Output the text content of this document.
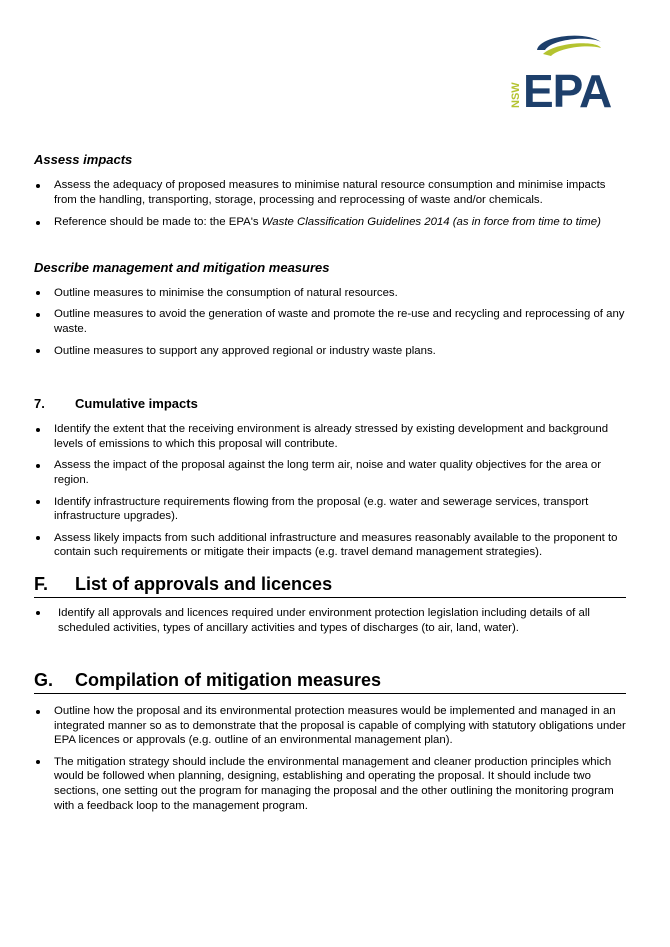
NSW EPA

Assess impacts

Assess the adequacy of proposed measures to minimise natural resource consumption and minimise impacts from the handling, transporting, storage, processing and reprocessing of waste and/or chemicals.
Reference should be made to: the EPA's Waste Classification Guidelines 2014 (as in force from time to time)

Describe management and mitigation measures

Outline measures to minimise the consumption of natural resources.
Outline measures to avoid the generation of waste and promote the re-use and recycling and reprocessing of any waste.
Outline measures to support any approved regional or industry waste plans.

7. Cumulative impacts

Identify the extent that the receiving environment is already stressed by existing development and background levels of emissions to which this proposal will contribute.
Assess the impact of the proposal against the long term air, noise and water quality objectives for the area or region.
Identify infrastructure requirements flowing from the proposal (e.g. water and sewerage services, transport infrastructure upgrades).
Assess likely impacts from such additional infrastructure and measures reasonably available to the proponent to contain such requirements or mitigate their impacts (e.g. travel demand management strategies).

F. List of approvals and licences

Identify all approvals and licences required under environment protection legislation including details of all scheduled activities, types of ancillary activities and types of discharges (to air, land, water).

G. Compilation of mitigation measures

Outline how the proposal and its environmental protection measures would be implemented and managed in an integrated manner so as to demonstrate that the proposal is capable of complying with statutory obligations under EPA licences or approvals (e.g. outline of an environmental management plan).
The mitigation strategy should include the environmental management and cleaner production principles which would be followed when planning, designing, establishing and operating the proposal. It should include two sections, one setting out the program for managing the proposal and the other outlining the monitoring program with a feedback loop to the management program.
